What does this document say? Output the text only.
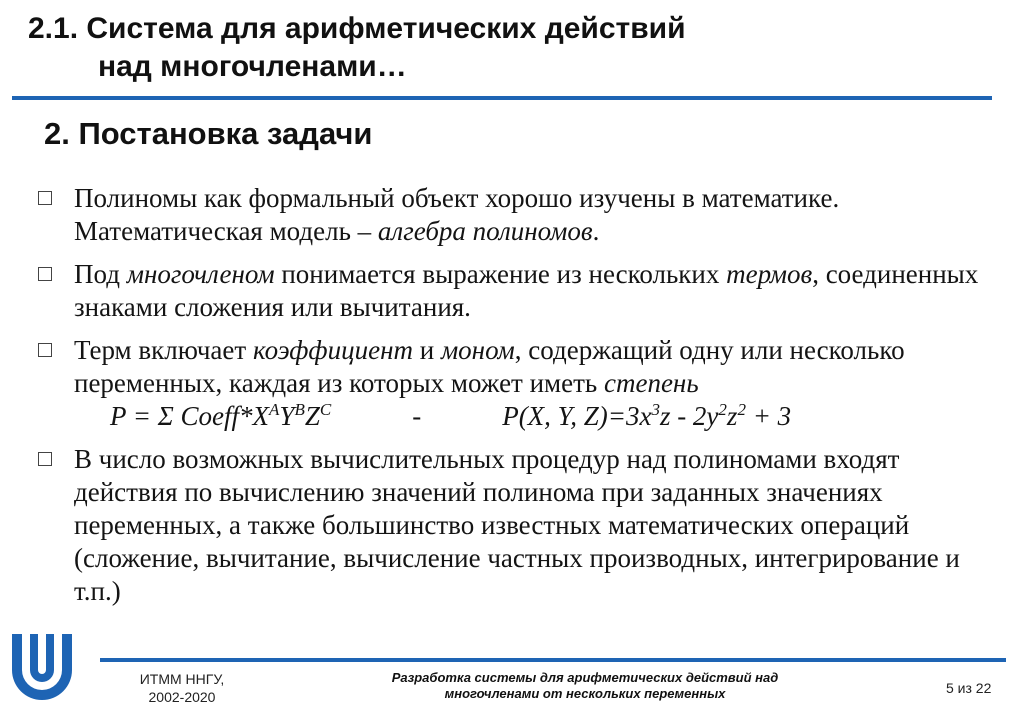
2.1. Система для арифметических действий
над многочленами…
2. Постановка задачи
Полиномы как формальный объект хорошо изучены в математике. Математическая модель – алгебра полиномов.
Под многочленом понимается выражение из нескольких термов, соединенных знаками сложения или вычитания.
Терм включает коэффициент и моном, содержащий одну или несколько переменных, каждая из которых может иметь степень
P = Σ $Coeff*X^AY^BZ^C$	-	P(X, Y, $Z)=3x^3z - 2y^2z^2 + 3$
В число возможных вычислительных процедур над полиномами входят действия по вычислению значений полинома при заданных значениях переменных, а также большинство известных математических операций (сложение, вычитание, вычисление частных производных, интегрирование и т.п.)
ИТММ ННГУ,
2002-2020
Разработка системы для арифметических действий над
многочленами от нескольких переменных	5 из 22
